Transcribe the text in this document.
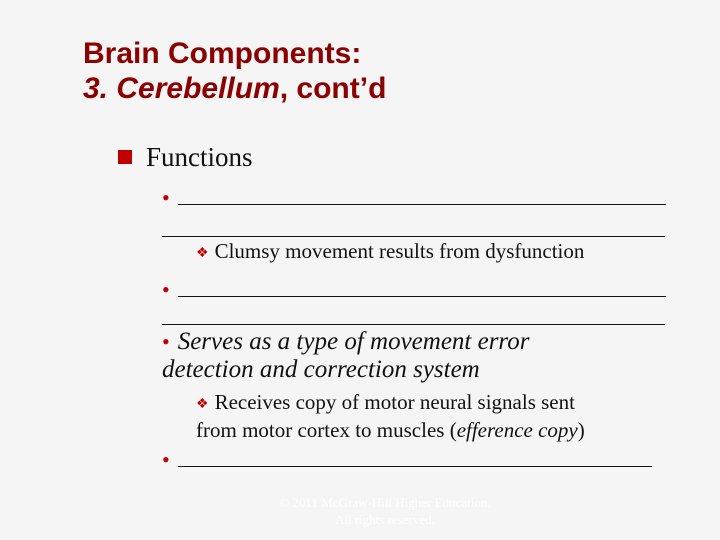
Brain Components:
3. Cerebellum, cont’d
Functions
•
❖ Clumsy movement results from dysfunction
•
• Serves as a type of movement error
detection and correction system
❖ Receives copy of motor neural signals sent
from motor cortex to muscles (efference copy)
•
© 2011 McGraw-Hill Higher Education.
All rights reserved.
